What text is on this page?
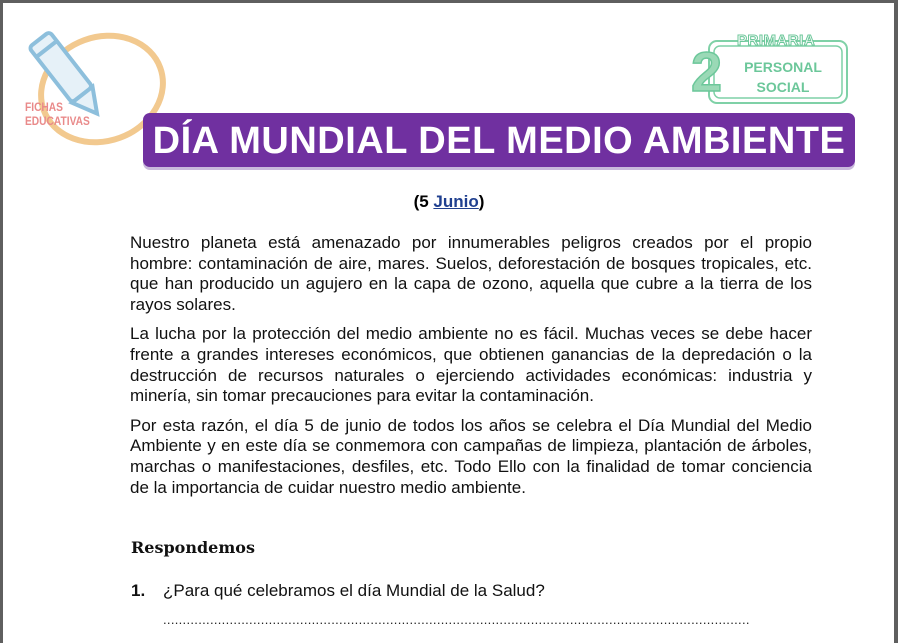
FICHAS
EDUCATIVAS
PRIMARIA
2 PERSONAL
SOCIAL
DÍA MUNDIAL DEL MEDIO AMBIENTE
(5 Junio)

Nuestro planeta está amenazado por innumerables peligros creados por el propio hombre: contaminación de aire, mares. Suelos, deforestación de bosques tropicales, etc. que han producido un agujero en la capa de ozono, aquella que cubre a la tierra de los rayos solares.

La lucha por la protección del medio ambiente no es fácil. Muchas veces se debe hacer frente a grandes intereses económicos, que obtienen ganancias de la depredación o la destrucción de recursos naturales o ejerciendo actividades económicas: industria y minería, sin tomar precauciones para evitar la contaminación.

Por esta razón, el día 5 de junio de todos los años se celebra el Día Mundial del Medio Ambiente y en este día se conmemora con campañas de limpieza, plantación de árboles, marchas o manifestaciones, desfiles, etc. Todo Ello con la finalidad de tomar conciencia de la importancia de cuidar nuestro medio ambiente.

Respondemos
1. ¿Para qué celebramos el día Mundial de la Salud?
......................................................................................................................................................
